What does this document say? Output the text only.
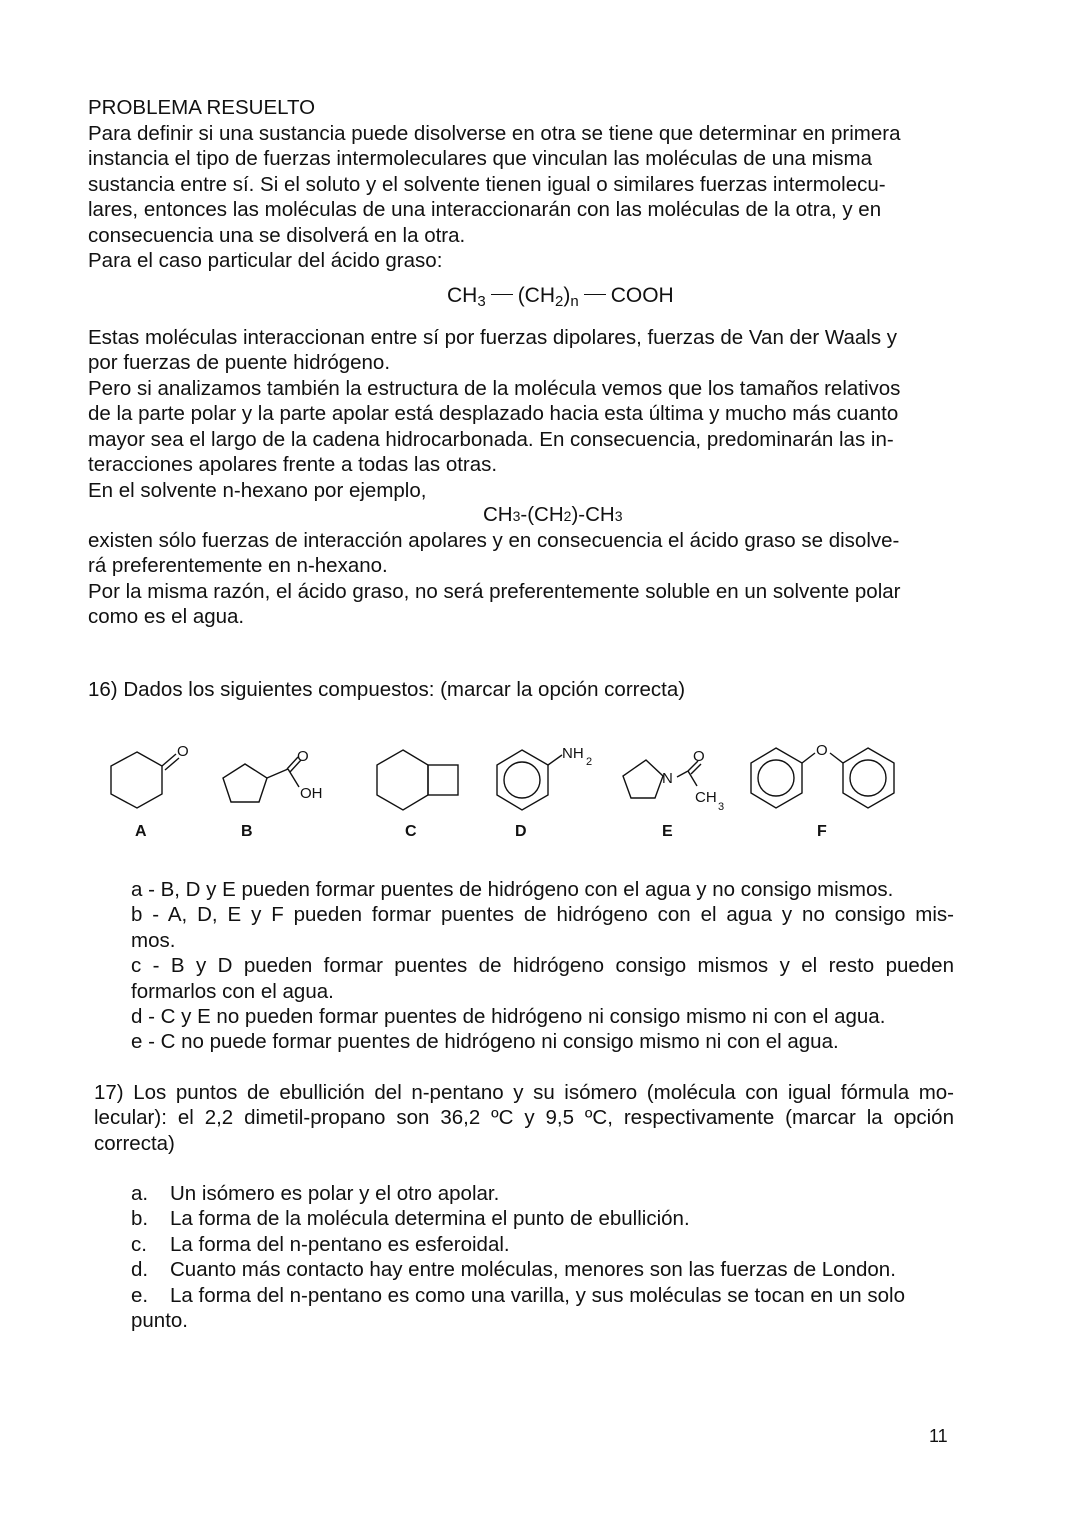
PROBLEMA RESUELTO

Para definir si una sustancia puede disolverse en otra se tiene que determinar en primera
instancia el tipo de fuerzas intermoleculares que vinculan las moléculas de una misma
sustancia entre sí. Si el soluto y el solvente tienen igual o similares fuerzas intermolecu-
lares, entonces las moléculas de una interaccionarán con las moléculas de la otra, y en
consecuencia una se disolverá en la otra.

Para el caso particular del ácido graso:

$CH_3$ $(CH_2)_n$ COOH

Estas moléculas interaccionan entre sí por fuerzas dipolares, fuerzas de Van der Waals y
por fuerzas de puente hidrógeno.

Pero si analizamos también la estructura de la molécula vemos que los tamaños relativos
de la parte polar y la parte apolar está desplazado hacia esta última y mucho más cuanto
mayor sea el largo de la cadena hidrocarbonada. En consecuencia, predominarán las in-
teracciones apolares frente a todas las otras.

En el solvente n-hexano por ejemplo,

CH3-(CH2)-CH3

existen sólo fuerzas de interacción apolares y en consecuencia el ácido graso se disolve-
rá preferentemente en n-hexano.

Por la misma razón, el ácido graso, no será preferentemente soluble en un solvente polar
como es el agua.

16) Dados los siguientes compuestos: (marcar la opción correcta)
O	O
OH
NH 2
N
O
CH
3
O
A	B	C	D	E	F
a - B, D y E pueden formar puentes de hidrógeno con el agua y no consigo mismos.
b - A, D, E y F pueden formar puentes de hidrógeno con el agua y no consigo mis-
mos.
c - B y D pueden formar puentes de hidrógeno consigo mismos y el resto pueden
formarlos con el agua.
d - C y E no pueden formar puentes de hidrógeno ni consigo mismo ni con el agua.
e - C no puede formar puentes de hidrógeno ni consigo mismo ni con el agua.
17) Los puntos de ebullición del n-pentano y su isómero (molécula con igual fórmula mo-
lecular): el 2,2 dimetil-propano son 36,2 ºC y 9,5 ºC, respectivamente (marcar la opción
correcta)
a.	Un isómero es polar y el otro apolar.
b.	La forma de la molécula determina el punto de ebullición.
c.	La forma del n-pentano es esferoidal.
d.	Cuanto más contacto hay entre moléculas, menores son las fuerzas de London.
e.	La forma del n-pentano es como una varilla, y sus moléculas se tocan en un solo
punto.
11
